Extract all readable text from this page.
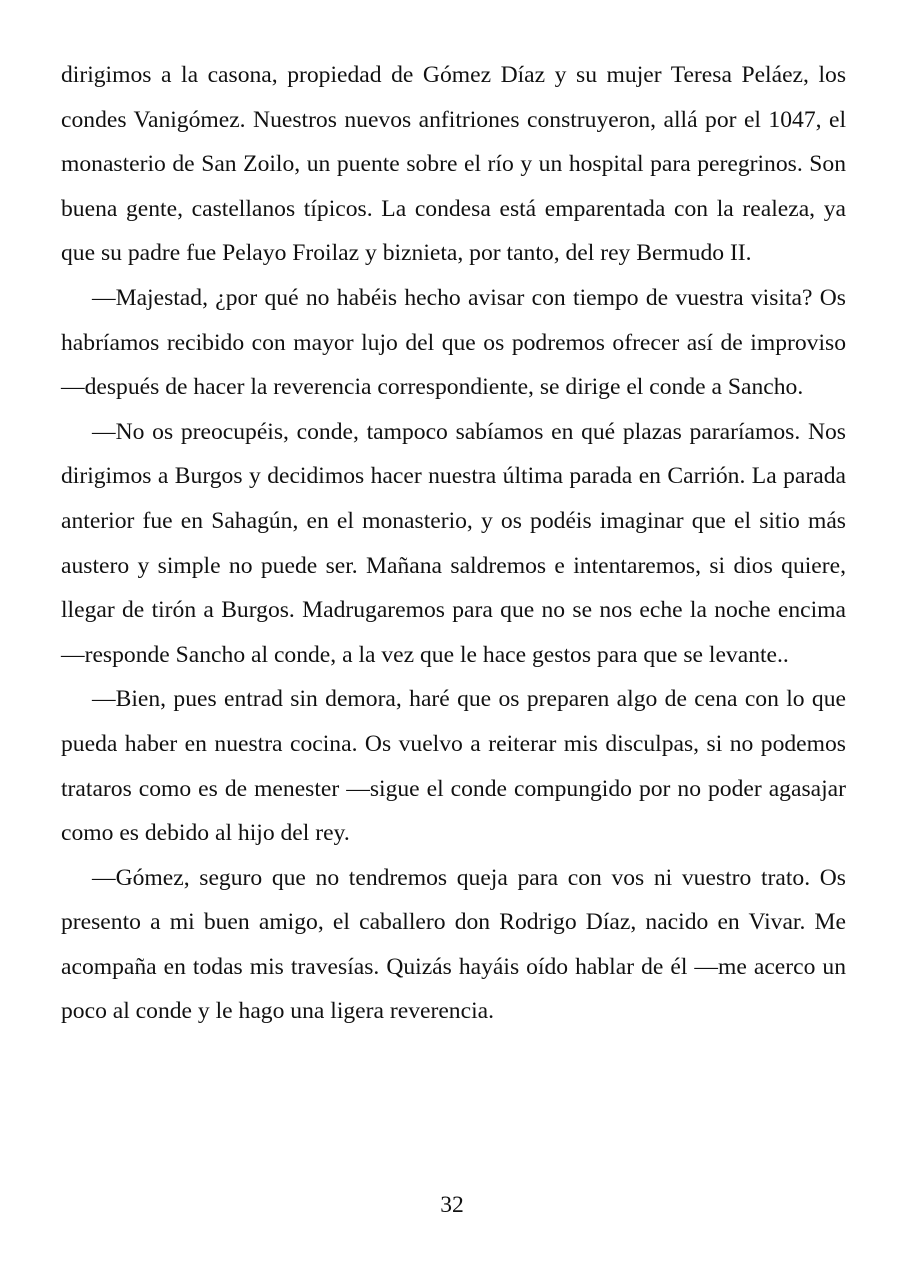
dirigimos a la casona, propiedad de Gómez Díaz y su mujer Teresa Peláez, los condes Vanigómez. Nuestros nuevos anfitriones construyeron, allá por el 1047, el monasterio de San Zoilo, un puente sobre el río y un hospital para peregrinos. Son buena gente, castellanos típicos. La condesa está emparentada con la realeza, ya que su padre fue Pelayo Froilaz y biznieta, por tanto, del rey Bermudo II.

—Majestad, ¿por qué no habéis hecho avisar con tiempo de vuestra visita? Os habríamos recibido con mayor lujo del que os podremos ofrecer así de improviso —después de hacer la reverencia correspondiente, se dirige el conde a Sancho.

—No os preocupéis, conde, tampoco sabíamos en qué plazas pararíamos. Nos dirigimos a Burgos y decidimos hacer nuestra última parada en Carrión. La parada anterior fue en Sahagún, en el monasterio, y os podéis imaginar que el sitio más austero y simple no puede ser. Mañana saldremos e intentaremos, si dios quiere, llegar de tirón a Burgos. Madrugaremos para que no se nos eche la noche encima —responde Sancho al conde, a la vez que le hace gestos para que se levante..

—Bien, pues entrad sin demora, haré que os preparen algo de cena con lo que pueda haber en nuestra cocina. Os vuelvo a reiterar mis disculpas, si no podemos trataros como es de menester —sigue el conde compungido por no poder agasajar como es debido al hijo del rey.

—Gómez, seguro que no tendremos queja para con vos ni vuestro trato. Os presento a mi buen amigo, el caballero don Rodrigo Díaz, nacido en Vivar. Me acompaña en todas mis travesías. Quizás hayáis oído hablar de él —me acerco un poco al conde y le hago una ligera reverencia.

32
